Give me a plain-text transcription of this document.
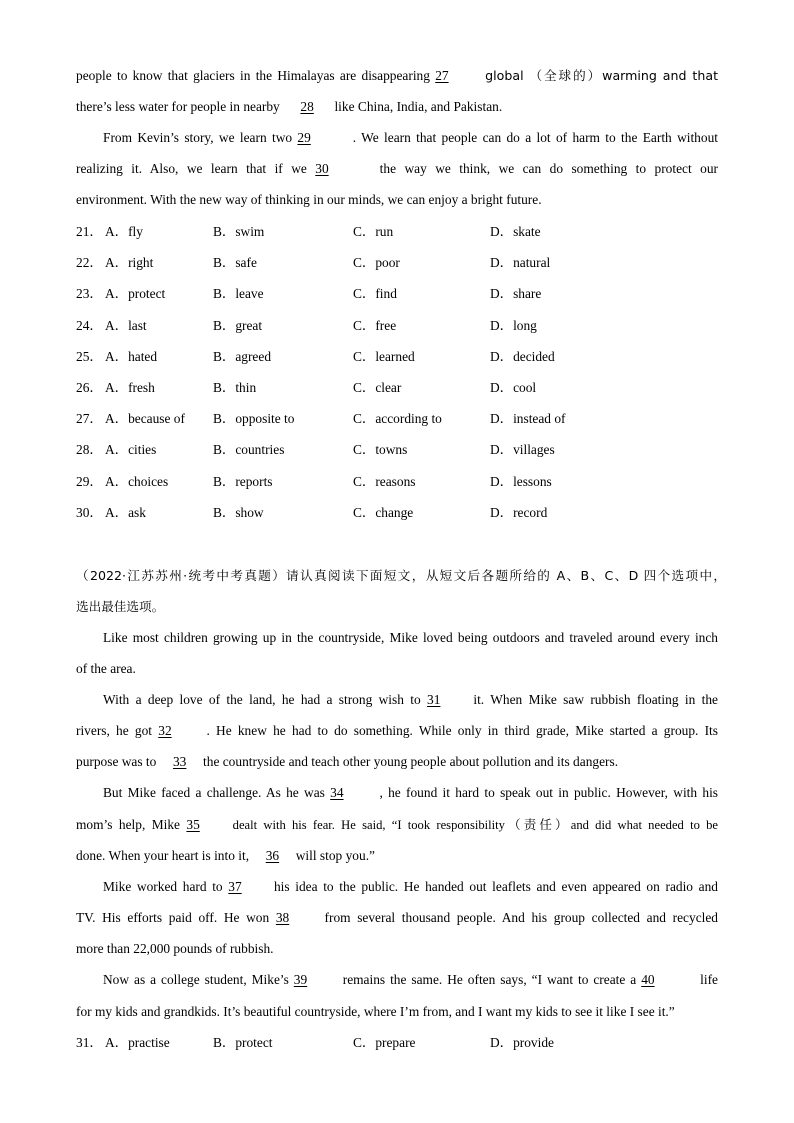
people to know that glaciers in the Himalayas are disappearing 27 global （全球的）warming and that
there’s less water for people in nearby 28 like China, India, and Pakistan.
From Kevin’s story, we learn two 29	. We learn that people can do a lot of harm to the Earth without
realizing it. Also, we learn that if we 30	the way we think, we can do something to protect our
environment. With the new way of thinking in our minds, we can enjoy a bright future.
21． A．fly	B．swim	C．run	D．skate
22． A．right	B．safe	C．poor	D．natural
23． A．protect	B．leave	C．find	D．share
24． A．last	B．great	C．free	D．long
25． A．hated	B．agreed	C．learned	D．decided
26． A．fresh	B．thin	C．clear	D．cool
27． A．because of B．opposite to	C．according to	D．instead of
28． A．cities	B．countries	C．towns	D．villages
29． A．choices	B．reports	C．reasons	D．lessons
30． A．ask	B．show	C．change	D．record
（2022·江苏苏州·统考中考真题）请认真阅读下面短文，从短文后各题所给的 A、B、C、D 四个选项中，
选出最佳选项。
Like most children growing up in the countryside, Mike loved being outdoors and traveled around every inch
of the area.
With a deep love of the land, he had a strong wish to 31 it. When Mike saw rubbish floating in the
rivers, he got 32 . He knew he had to do something. While only in third grade, Mike started a group. Its
purpose was to 33 the countryside and teach other young people about pollution and its dangers.
But Mike faced a challenge. As he was 34 , he found it hard to speak out in public. However, with his
mom’s help, Mike 35 dealt with his fear. He said, “I took responsibility（责任）and did what needed to be
done. When your heart is into it, 36 will stop you.”
Mike worked hard to 37 his idea to the public. He handed out leaflets and even appeared on radio and
TV. His efforts paid off. He won 38 from several thousand people. And his group collected and recycled
more than 22,000 pounds of rubbish.
Now as a college student, Mike’s 39 remains the same. He often says, “I want to create a 40	life
for my kids and grandkids. It’s beautiful countryside, where I’m from, and I want my kids to see it like I see it.”
31． A．practise	B．protect	C．prepare	D．provide
